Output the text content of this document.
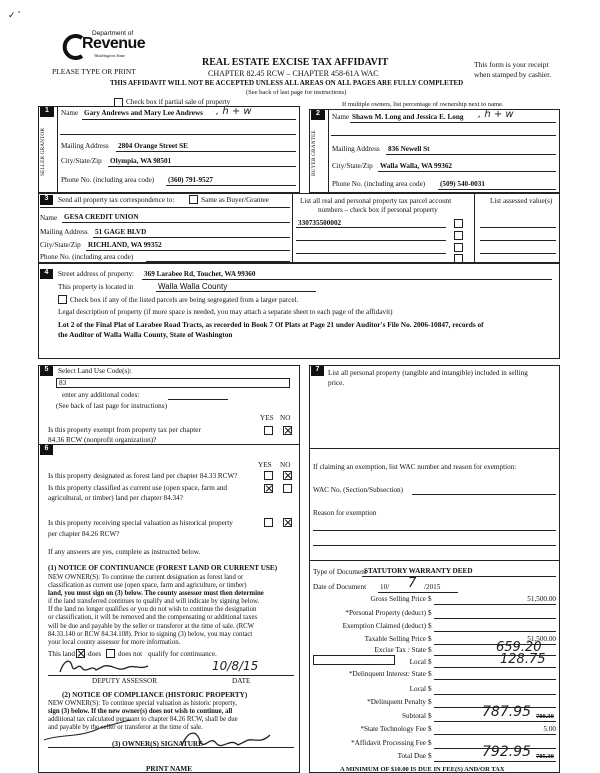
✓ ˚
Department of
Revenue
Washington State
PLEASE TYPE OR PRINT
REAL ESTATE EXCISE TAX AFFIDAVIT
CHAPTER 82.45 RCW – CHAPTER 458-61A WAC
THIS AFFIDAVIT WILL NOT BE ACCEPTED UNLESS ALL AREAS ON ALL PAGES ARE FULLY COMPLETED
(See back of last page for instructions)
This form is your receipt
when stamped by cashier.
Check box if partial sale of property	If multiple owners, list percentage of ownership next to name.
1
SELLER GRANTOR
Name Gary Andrews and Mary Lee Andrews , h + w
Mailing Address 2804 Orange Street SE
City/State/Zip Olympia, WA 98501
Phone No. (including area code) (360) 791-9527
2
BUYER GRANTEE
Name Shawn M. Long and Jessica E. Long , h + w
Mailing Address 836 Newell St
City/State/Zip Walla Walla, WA 99362
Phone No. (including area code) (509) 540-0031
3	Send all property tax correspondence to:	Same as Buyer/Grantee
Name GESA CREDIT UNION
Mailing Address 51 GAGE BLVD
City/State/Zip RICHLAND, WA 99352
Phone No. (including area code)
List all real and personal property tax parcel account
numbers – check box if personal property
330735500002
List assessed value(s)
4	Street address of property: 369 Larabee Rd, Touchet, WA 99360
This property is located in	Walla Walla County
Check box if any of the listed parcels are being segregated from a larger parcel.
Legal description of property (if more space is needed, you may attach a separate sheet to each page of the affidavit)
Lot 2 of the Final Plat of Larabee Road Tracts, as recorded in Book 7 Of Plats at Page 21 under Auditor's File No. 2006-10847, records of
the Auditor of Walla Walla County, State of Washington
5	Select Land Use Code(s):
83
enter any additional codes:
(See back of last page for instructions)
YES NO
Is this property exempt from property tax per chapter
84.36 RCW (nonprofit organization)?
6
YES NO
Is this property designated as forest land per chapter 84.33 RCW?
Is this property classified as current use (open space, farm and
agricultural, or timber) land per chapter 84.34?
Is this property receiving special valuation as historical property
per chapter 84.26 RCW?
If any answers are yes, complete as instructed below.
(1) NOTICE OF CONTINUANCE (FOREST LAND OR CURRENT USE)
NEW OWNER(S): To continue the current designation as forest land or
classification as current use (open space, farm and agriculture, or timber)
land, you must sign on (3) below. The county assessor must then determine
if the land transferred continues to qualify and will indicate by signing below.
If the land no longer qualifies or you do not wish to continue the designation
or classification, it will be removed and the compensating or additional taxes
will be due and payable by the seller or transferor at the time of sale. (RCW
84.33.140 or RCW 84.34.108). Prior to signing (3) below, you may contact
your local county assessor for more information.
This land does does not qualify for continuance.
10/8/15
DEPUTY ASSESSOR	DATE
(2) NOTICE OF COMPLIANCE (HISTORIC PROPERTY)
NEW OWNER(S): To continue special valuation as historic property,
sign (3) below. If the new owner(s) does not wish to continue, all
additional tax calculated pursuant to chapter 84.26 RCW, shall be due
and payable by the seller or transferor at the time of sale.
(3) OWNER(S) SIGNATURE
PRINT NAME
7	List all personal property (tangible and intangible) included in selling
price.
If claiming an exemption, list WAC number and reason for exemption:
WAC No. (Section/Subsection)
Reason for exemption
Type of Document
STATUTORY WARRANTY DEED
Date of Document 10/ 7 /2015
Gross Selling Price $	51,500.00
*Personal Property (deduct) $
Exemption Claimed (deduct) $
Taxable Selling Price $	51,500.00
Excise Tax : State $	659.20
Local $	128.75
*Delinquent Interest: State $
Local $
*Delinquent Penalty $
Subtotal $	787.95 780.30
*State Technology Fee $	5.00
*Affidavit Processing Fee $
Total Due $	792.95 785.30
A MINIMUM OF $10.00 IS DUE IN FEE(S) AND/OR TAX
